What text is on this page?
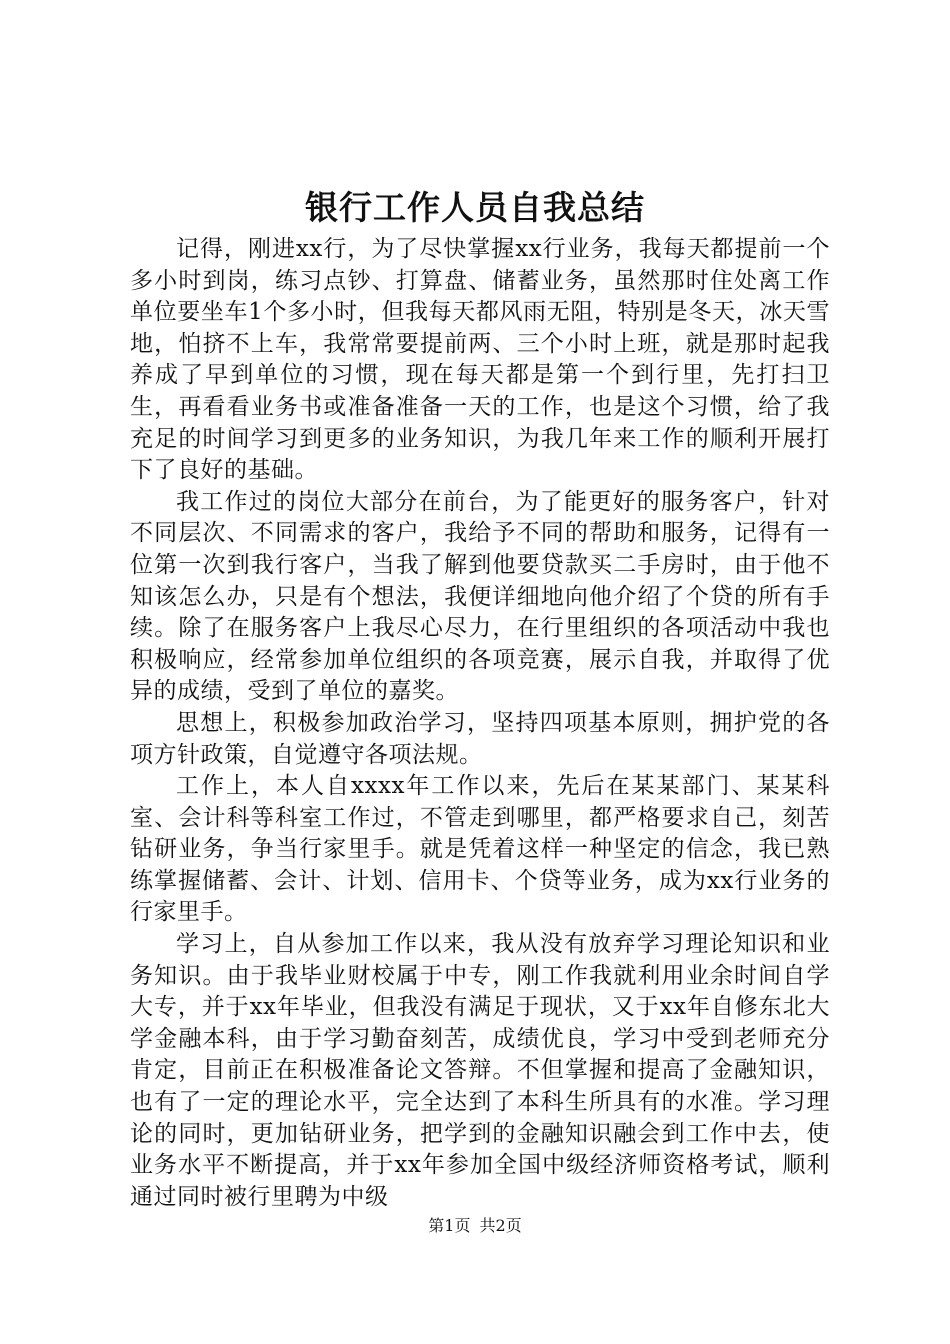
银行工作人员自我总结

记得，刚进xx行，为了尽快掌握xx行业务，我每天都提前一个多小时到岗，练习点钞、打算盘、储蓄业务，虽然那时住处离工作单位要坐车1个多小时，但我每天都风雨无阻，特别是冬天，冰天雪地，怕挤不上车，我常常要提前两、三个小时上班，就是那时起我养成了早到单位的习惯，现在每天都是第一个到行里，先打扫卫生，再看看业务书或准备准备一天的工作，也是这个习惯，给了我充足的时间学习到更多的业务知识，为我几年来工作的顺利开展打下了良好的基础。

我工作过的岗位大部分在前台，为了能更好的服务客户，针对不同层次、不同需求的客户，我给予不同的帮助和服务，记得有一位第一次到我行客户，当我了解到他要贷款买二手房时，由于他不知该怎么办，只是有个想法，我便详细地向他介绍了个贷的所有手续。除了在服务客户上我尽心尽力，在行里组织的各项活动中我也积极响应，经常参加单位组织的各项竞赛，展示自我，并取得了优异的成绩，受到了单位的嘉奖。

思想上，积极参加政治学习，坚持四项基本原则，拥护党的各项方针政策，自觉遵守各项法规。

工作上，本人自xxxx年工作以来，先后在某某部门、某某科室、会计科等科室工作过，不管走到哪里，都严格要求自己，刻苦钻研业务，争当行家里手。就是凭着这样一种坚定的信念，我已熟练掌握储蓄、会计、计划、信用卡、个贷等业务，成为xx行业务的行家里手。

学习上，自从参加工作以来，我从没有放弃学习理论知识和业务知识。由于我毕业财校属于中专，刚工作我就利用业余时间自学大专，并于xx年毕业，但我没有满足于现状，又于xx年自修东北大学金融本科，由于学习勤奋刻苦，成绩优良，学习中受到老师充分肯定，目前正在积极准备论文答辩。不但掌握和提高了金融知识，也有了一定的理论水平，完全达到了本科生所具有的水准。学习理论的同时，更加钻研业务，把学到的金融知识融会到工作中去，使业务水平不断提高，并于xx年参加全国中级经济师资格考试，顺利通过同时被行里聘为中级

第1页 共2页
